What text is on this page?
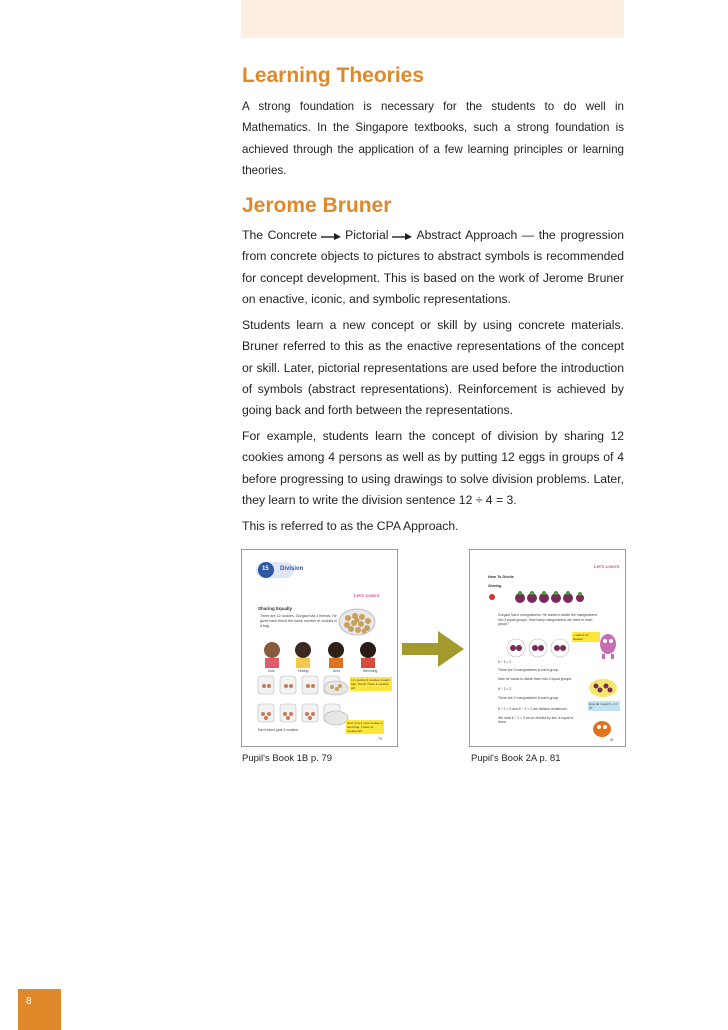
Learning Theories

A strong foundation is necessary for the students to do well in Mathematics. In the Singapore textbooks, such a strong foundation is achieved through the application of a few learning principles or learning theories.

Jerome Bruner

The Concrete Pictorial Abstract Approach — the progression from concrete objects to pictures to abstract symbols is recommended for concept development. This is based on the work of Jerome Bruner on enactive, iconic, and symbolic representations.

Students learn a new concept or skill by using concrete materials. Bruner referred to this as the enactive representations of the concept or skill. Later, pictorial representations are used before the introduction of symbols (abstract representations). Reinforcement is achieved by going back and forth between the representations.

For example, students learn the concept of division by sharing 12 cookies among 4 persons as well as by putting 12 eggs in groups of 4 before progressing to using drawings to solve division problems. Later, they learn to write the division sentence 12 ÷ 4 = 3.

This is referred to as the CPA Approach.

15 Division
Let's Learn!
Sharing Equally
There are 12 cookies. Gurgaol has 4 friends. He gives each friend the same number of cookies in a bag.
Indu	Huiling	Amit	Wenming
I try putting 2 cookies in each bag. There! There 4 cookies left.
Now I put 1 more cookie in each bag. I have no cookies left.
Each friend gets 3 cookies.
79
Let's Learn!
How To Divide
Sharing
Gurgaol has 6 mangosteens. He wants to divide the mangosteens into 3 equal groups. How many mangosteens are there in each group?
÷ stands for division
6 ÷ 3 = 2
There are 3 mangosteens in each group.
Now he wants to divide them into 2 equal groups.
6 ÷ 3 = 2
There are 2 mangosteens in each group.
How do I read 6 ÷ 2 = 3?
6 ÷ 2 = 3 and 6 ÷ 3 = 2 are division sentences.
We read 6 ÷ 2 = 3 as six divided by two is equal to three.
81
Pupil's Book 1B p. 79	Pupil's Book 2A p. 81
8
